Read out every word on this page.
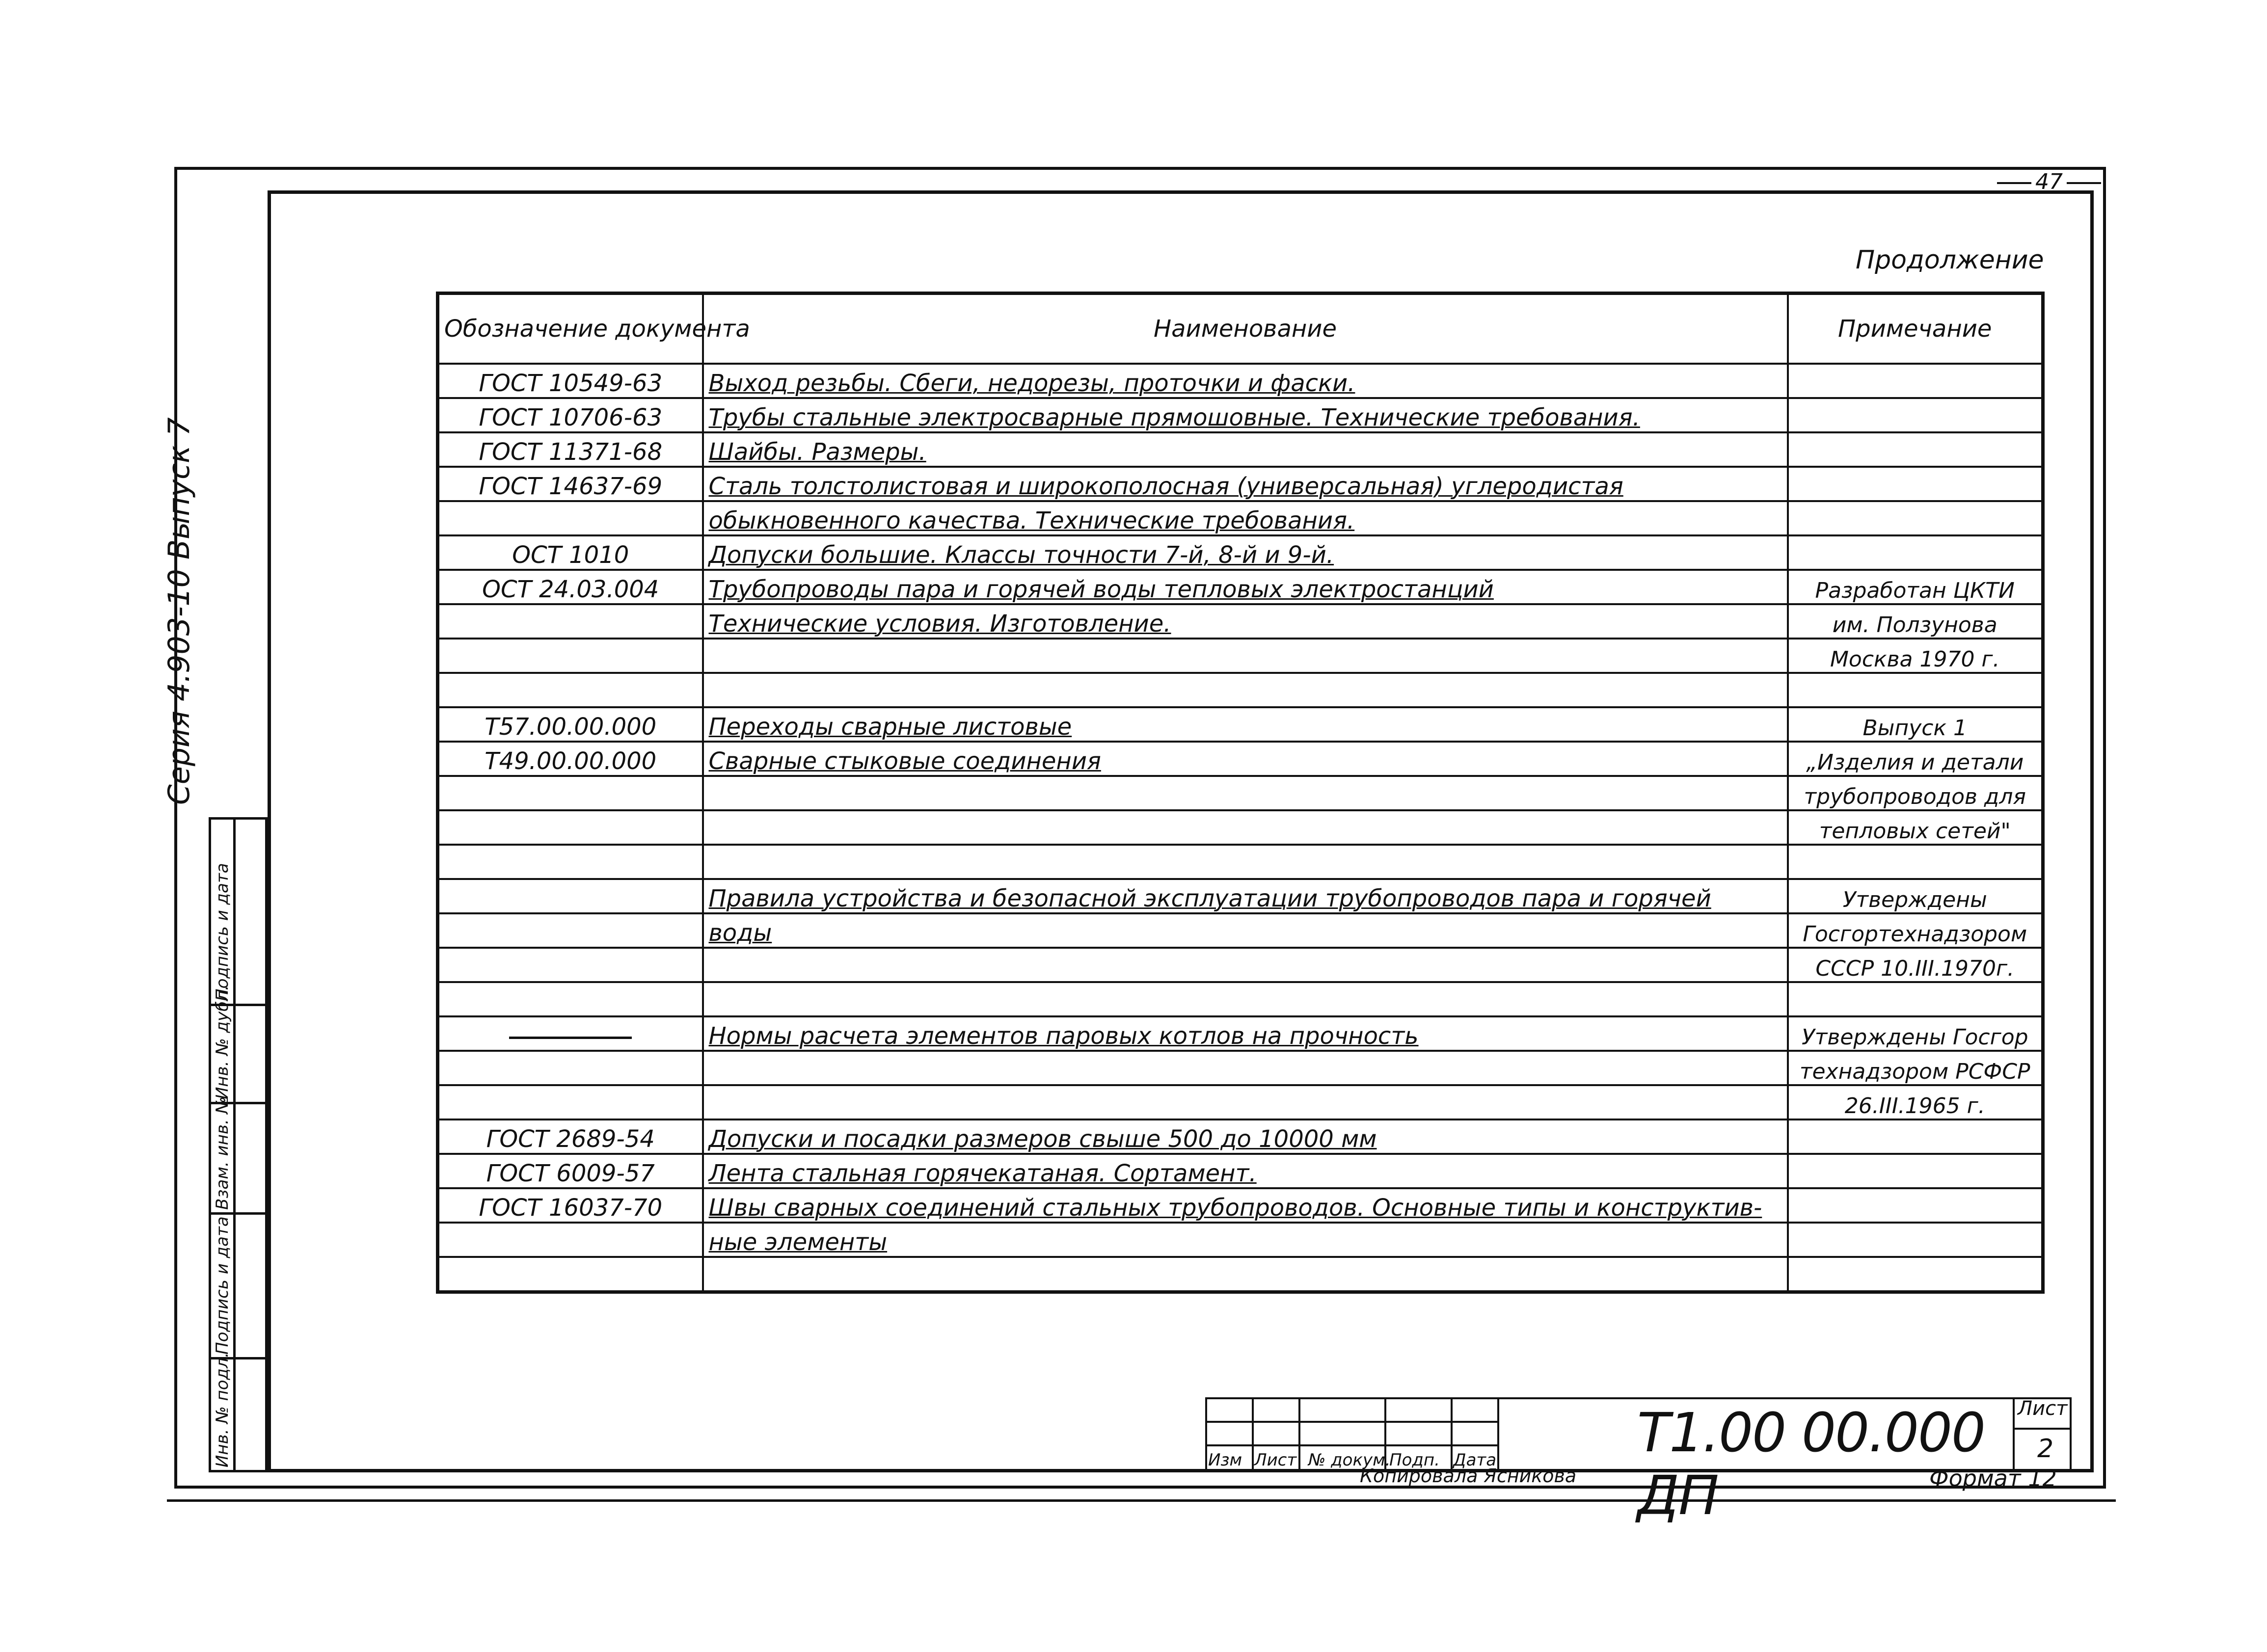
47
Продолжение
Серия 4.903-10 Выпуск 7
Инв. № подл.
Подпись и дата
Взам. инв. №
Инв. № дубл.
Подпись и дата
Обозначение документа	Наименование	Примечание
ГОСТ 10549-63	Выход резьбы. Сбеги, недорезы, проточки и фаски.	
ГОСТ 10706-63	Трубы стальные электросварные прямошовные. Технические требования.	
ГОСТ 11371-68	Шайбы. Размеры.	
ГОСТ 14637-69	Сталь толстолистовая и широкополосная (универсальная) углеродистая	
	обыкновенного качества. Технические требования.	
ОСТ 1010	Допуски большие. Классы точности 7-й, 8-й и 9-й.	
ОСТ 24.03.004	Трубопроводы пара и горячей воды тепловых электростанций	Разработан ЦКТИ
	Технические условия. Изготовление.	им. Ползунова
		Москва 1970 г.

Т57.00.00.000	Переходы сварные листовые	Выпуск 1
Т49.00.00.000	Сварные стыковые соединения	„Изделия и детали
		трубопроводов для
		тепловых сетей"

	Правила устройства и безопасной эксплуатации трубопроводов пара и горячей	Утверждены
	воды	Госгортехнадзором
		СССР 10.III.1970г.

	Нормы расчета элементов паровых котлов на прочность	Утверждены Госгор
		технадзором РСФСР
		26.III.1965 г.
ГОСТ 2689-54	Допуски и посадки размеров свыше 500 до 10000 мм	
ГОСТ 6009-57	Лента стальная горячекатаная. Сортамент.	
ГОСТ 16037-70	Швы сварных соединений стальных трубопроводов. Основные типы и конструктив-	
	ные элементы	

Изм Лист № докум.
Подп. Дата	Т1.00 00.000 ДП
Лист
2
Копировала Ясникова	Формат 12
